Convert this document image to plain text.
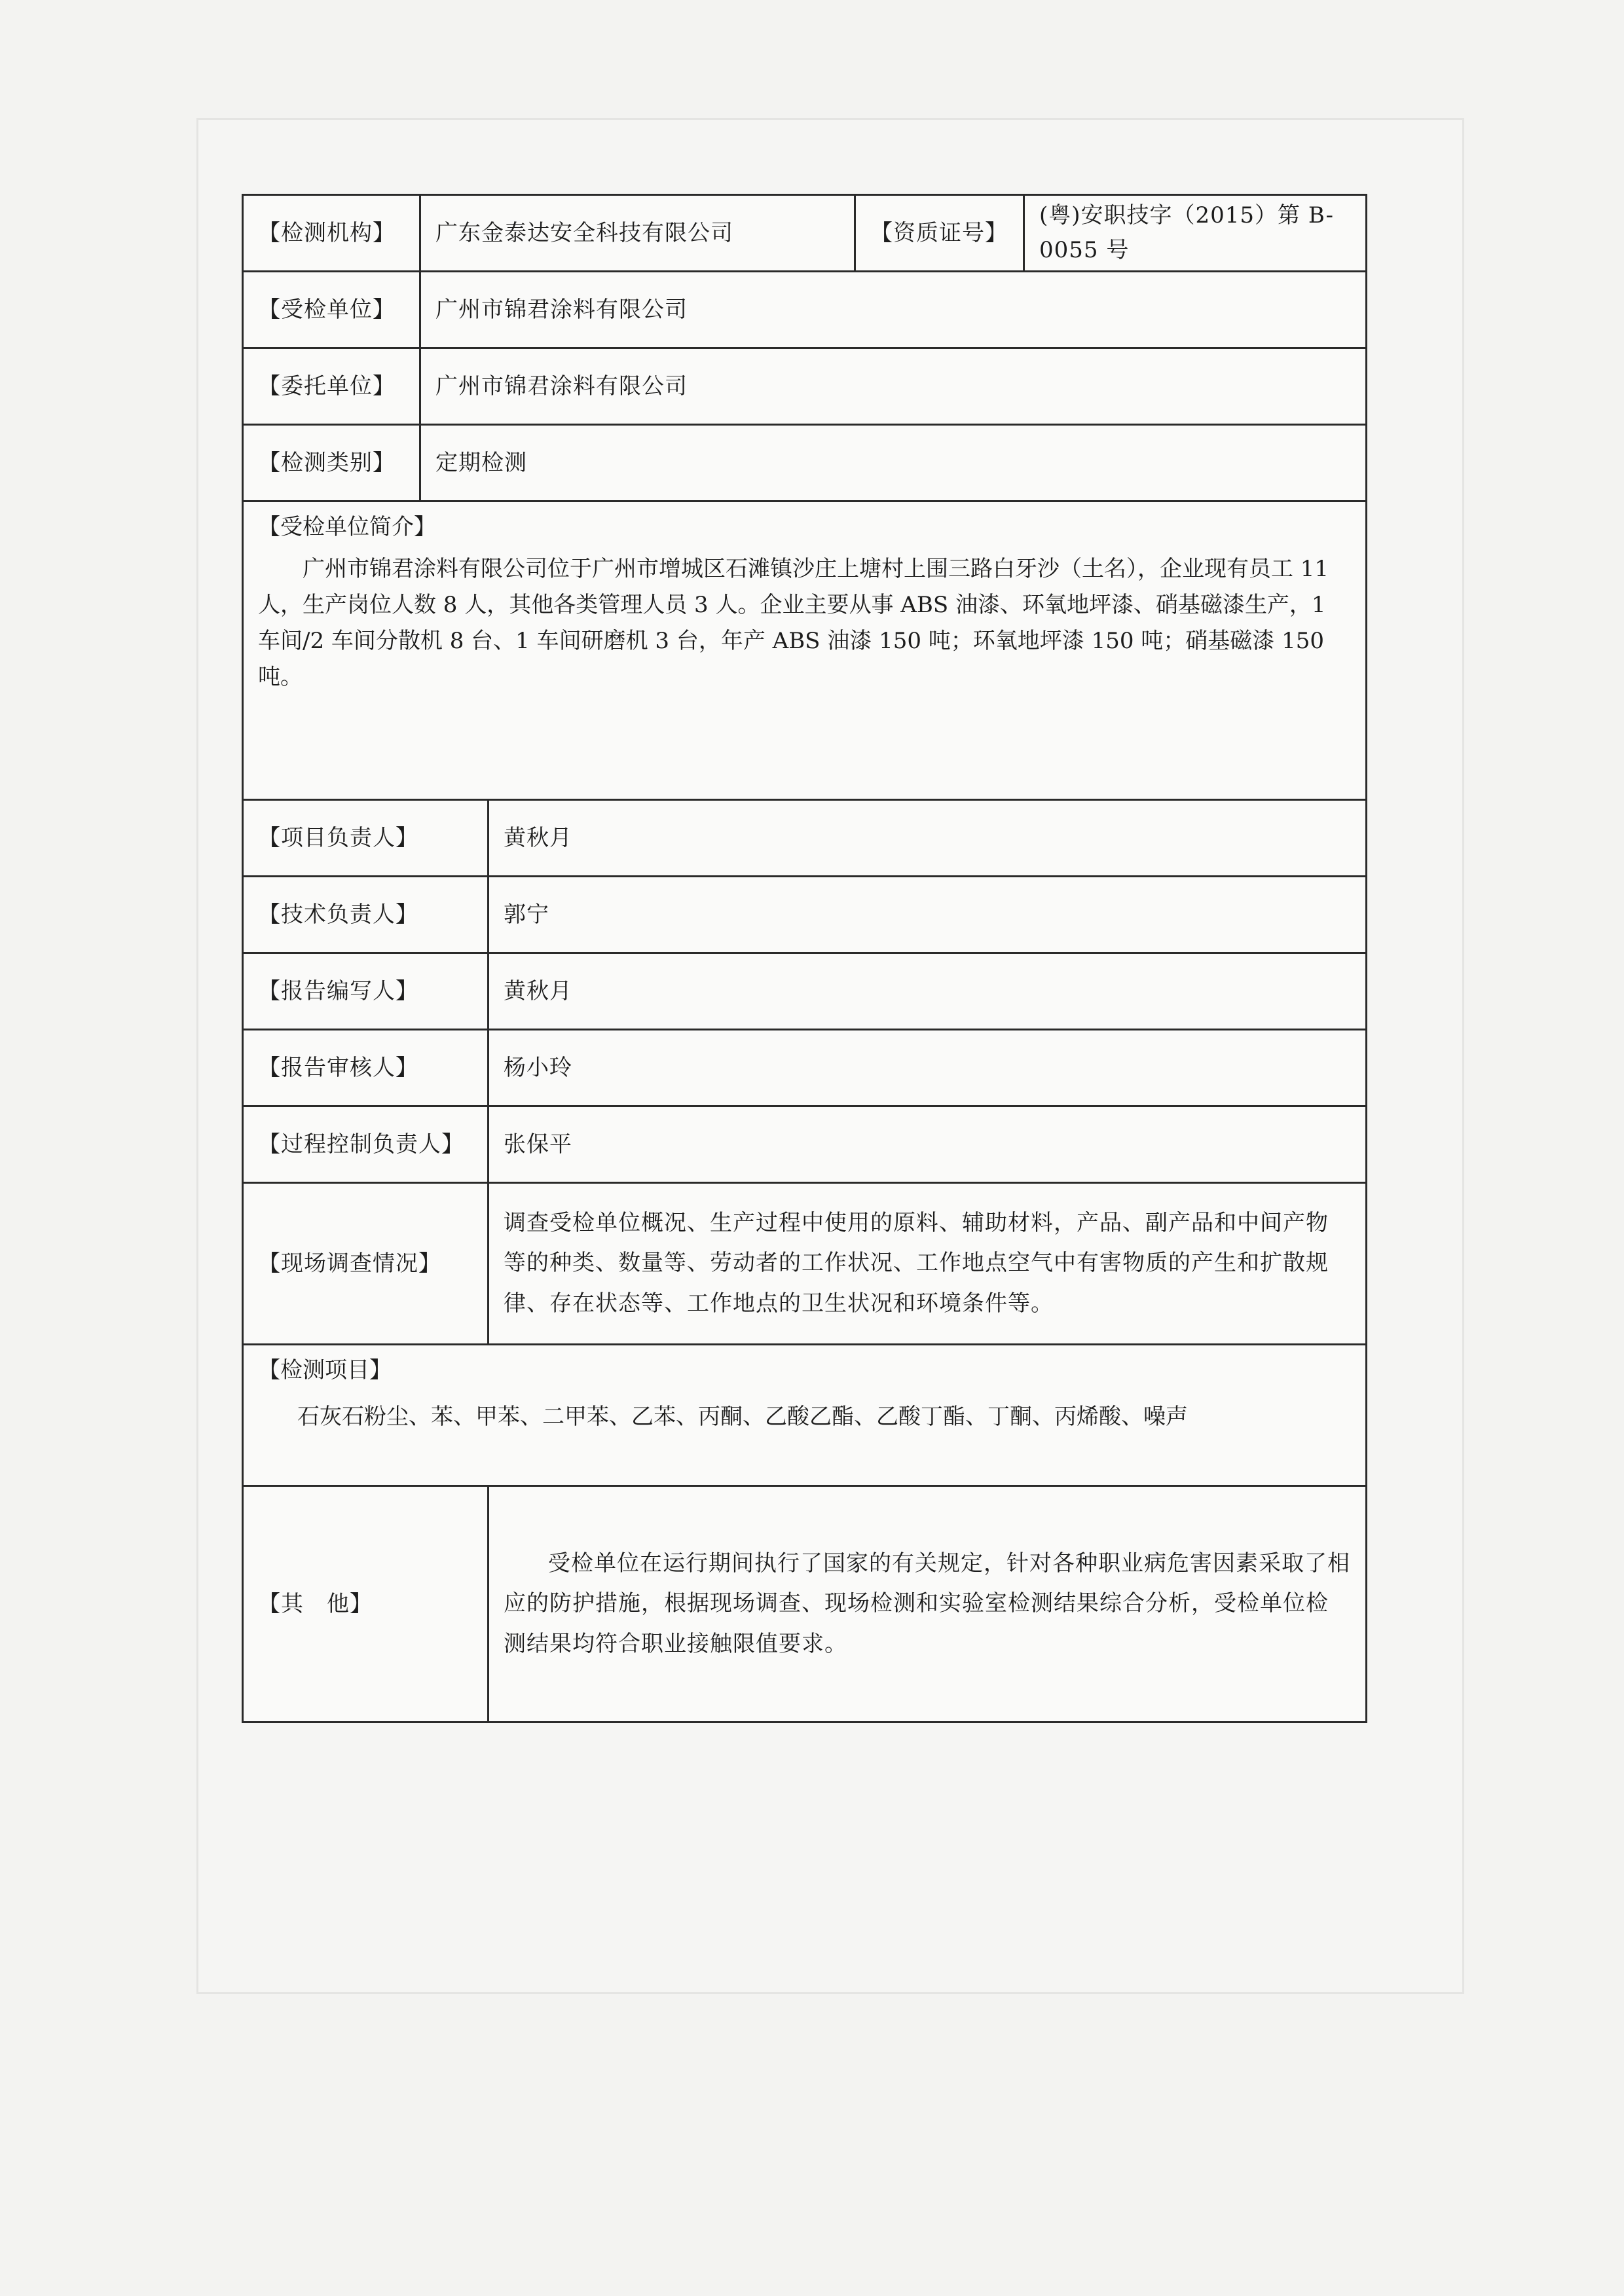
【检测机构】	广东金泰达安全科技有限公司		【资质证号】	(粤)安职技字（2015）第 B-0055 号
【受检单位】	广州市锦君涂料有限公司			
【委托单位】	广州市锦君涂料有限公司			
【检测类别】	定期检测			

【受检单位简介】

广州市锦君涂料有限公司位于广州市增城区石滩镇沙庄上塘村上围三路白牙沙（土名），企业现有员工 11 人，生产岗位人数 8 人，其他各类管理人员 3 人。企业主要从事 ABS 油漆、环氧地坪漆、硝基磁漆生产，1 车间/2 车间分散机 8 台、1 车间研磨机 3 台，年产 ABS 油漆 150 吨；环氧地坪漆 150 吨；硝基磁漆 150 吨。				

【项目负责人】		黄秋月		
【技术负责人】		郭宁		
【报告编写人】		黄秋月		
【报告审核人】		杨小玲		
【过程控制负责人】		张保平		
【现场调查情况】		调查受检单位概况、生产过程中使用的原料、辅助材料，产品、副产品和中间产物等的种类、数量等、劳动者的工作状况、工作地点空气中有害物质的产生和扩散规律、存在状态等、工作地点的卫生状况和环境条件等。		

【检测项目】

石灰石粉尘、苯、甲苯、二甲苯、乙苯、丙酮、乙酸乙酯、乙酸丁酯、丁酮、丙烯酸、噪声				

【其　他】		受检单位在运行期间执行了国家的有关规定，针对各种职业病危害因素采取了相应的防护措施，根据现场调查、现场检测和实验室检测结果综合分析，受检单位检测结果均符合职业接触限值要求。		
